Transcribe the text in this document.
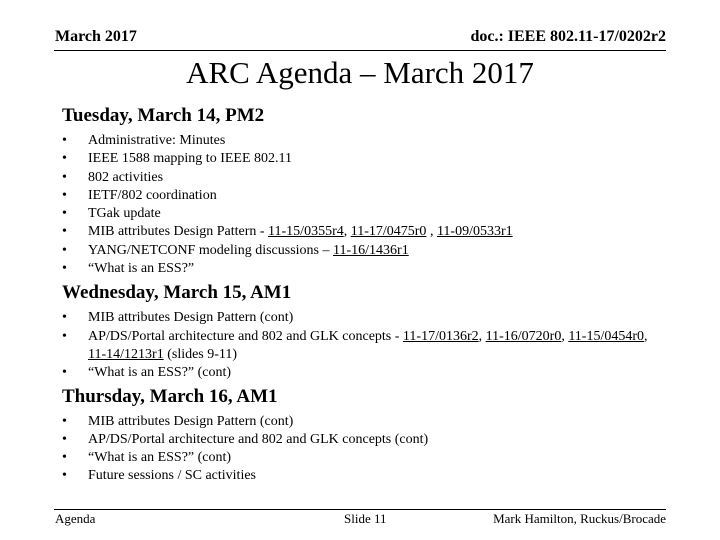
March 2017	doc.: IEEE 802.11-17/0202r2
ARC Agenda – March 2017
Tuesday, March 14, PM2
• Administrative: Minutes
• IEEE 1588 mapping to IEEE 802.11
• 802 activities
• IETF/802 coordination
• TGak update
• MIB attributes Design Pattern - 11-15/0355r4, 11-17/0475r0 , 11-09/0533r1
• YANG/NETCONF modeling discussions – 11-16/1436r1
• “What is an ESS?”
Wednesday, March 15, AM1
• MIB attributes Design Pattern (cont)
• AP/DS/Portal architecture and 802 and GLK concepts - 11-17/0136r2, 11-16/0720r0, 11-15/0454r0, 11-14/1213r1 (slides 9-11)
• “What is an ESS?” (cont)
Thursday, March 16, AM1
• MIB attributes Design Pattern (cont)
• AP/DS/Portal architecture and 802 and GLK concepts (cont)
• “What is an ESS?” (cont)
• Future sessions / SC activities
Agenda	Slide 11	Mark Hamilton, Ruckus/Brocade
